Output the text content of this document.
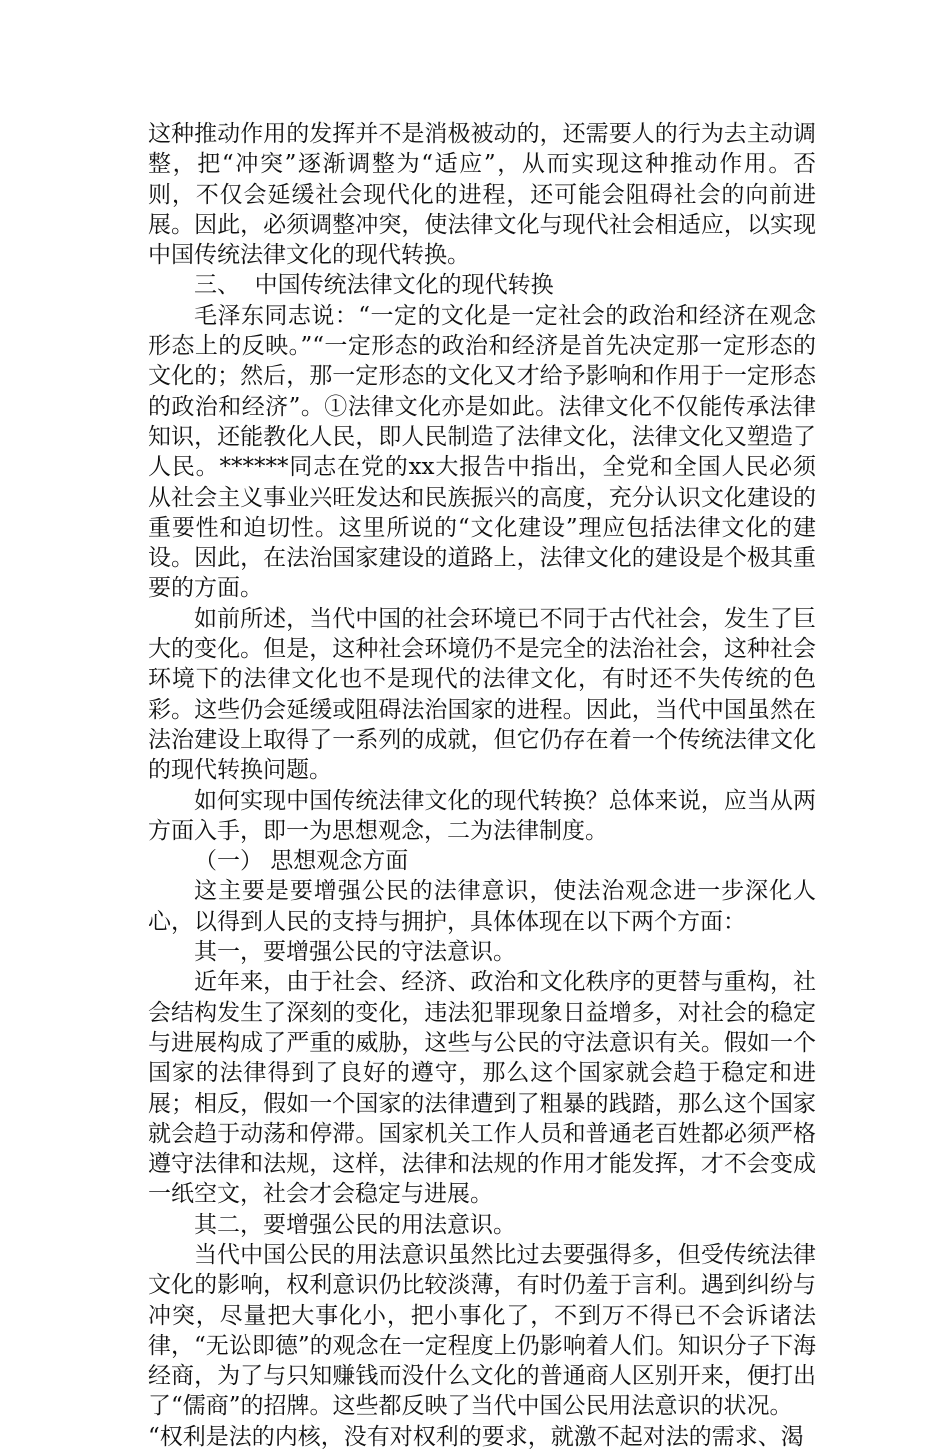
这种推动作用的发挥并不是消极被动的，还需要人的行为去主动调整，把“冲突”逐渐调整为“适应”，从而实现这种推动作用。否则，不仅会延缓社会现代化的进程，还可能会阻碍社会的向前进展。因此，必须调整冲突，使法律文化与现代社会相适应，以实现中国传统法律文化的现代转换。

三、  中国传统法律文化的现代转换

毛泽东同志说：“一定的文化是一定社会的政治和经济在观念形态上的反映。”“一定形态的政治和经济是首先决定那一定形态的文化的；然后，那一定形态的文化又才给予影响和作用于一定形态的政治和经济”。①法律文化亦是如此。法律文化不仅能传承法律知识，还能教化人民，即人民制造了法律文化，法律文化又塑造了人民。******同志在党的xx大报告中指出，全党和全国人民必须从社会主义事业兴旺发达和民族振兴的高度，充分认识文化建设的重要性和迫切性。这里所说的“文化建设”理应包括法律文化的建设。因此，在法治国家建设的道路上，法律文化的建设是个极其重要的方面。

如前所述，当代中国的社会环境已不同于古代社会，发生了巨大的变化。但是，这种社会环境仍不是完全的法治社会，这种社会环境下的法律文化也不是现代的法律文化，有时还不失传统的色彩。这些仍会延缓或阻碍法治国家的进程。因此，当代中国虽然在法治建设上取得了一系列的成就，但它仍存在着一个传统法律文化的现代转换问题。

如何实现中国传统法律文化的现代转换？总体来说，应当从两方面入手，即一为思想观念，二为法律制度。

（一） 思想观念方面

这主要是要增强公民的法律意识，使法治观念进一步深化人心，以得到人民的支持与拥护，具体体现在以下两个方面：

其一，要增强公民的守法意识。

近年来，由于社会、经济、政治和文化秩序的更替与重构，社会结构发生了深刻的变化，违法犯罪现象日益增多，对社会的稳定与进展构成了严重的威胁，这些与公民的守法意识有关。假如一个国家的法律得到了良好的遵守，那么这个国家就会趋于稳定和进展；相反，假如一个国家的法律遭到了粗暴的践踏，那么这个国家就会趋于动荡和停滞。国家机关工作人员和普通老百姓都必须严格遵守法律和法规，这样，法律和法规的作用才能发挥，才不会变成一纸空文，社会才会稳定与进展。

其二，要增强公民的用法意识。

当代中国公民的用法意识虽然比过去要强得多，但受传统法律文化的影响，权利意识仍比较淡薄，有时仍羞于言利。遇到纠纷与冲突，尽量把大事化小，把小事化了，不到万不得已不会诉诸法律，“无讼即德”的观念在一定程度上仍影响着人们。知识分子下海经商，为了与只知赚钱而没什么文化的普通商人区别开来，便打出了“儒商”的招牌。这些都反映了当代中国公民用法意识的状况。

“权利是法的内核，没有对权利的要求，就激不起对法的需求、渴
